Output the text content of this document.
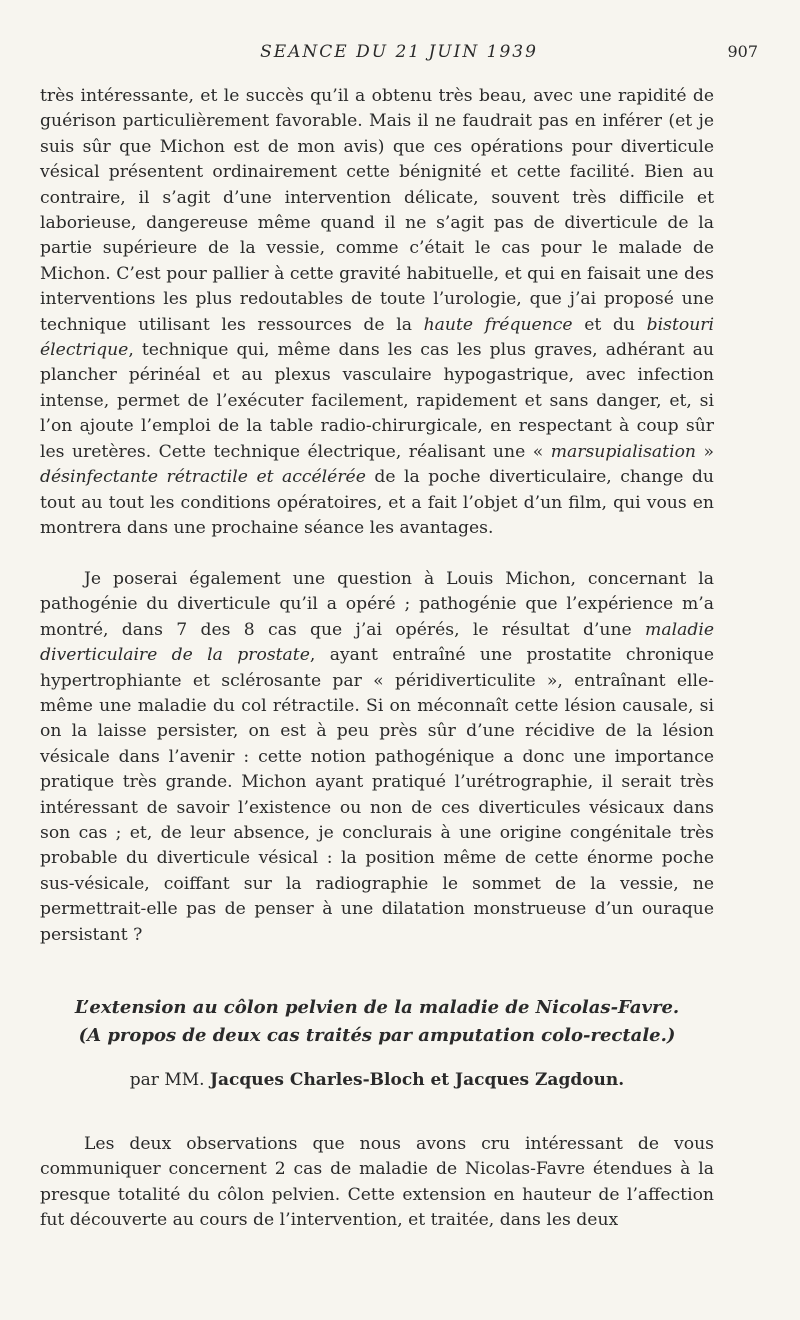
SEANCE DU 21 JUIN 1939	907

très intéressante, et le succès qu’il a obtenu très beau, avec une rapidité de guérison particulièrement favorable. Mais il ne faudrait pas en inférer (et je suis sûr que Michon est de mon avis) que ces opérations pour diverticule vésical présentent ordinairement cette bénignité et cette facilité. Bien au contraire, il s’agit d’une intervention délicate, souvent très difficile et laborieuse, dangereuse même quand il ne s’agit pas de diverticule de la partie supérieure de la vessie, comme c’était le cas pour le malade de Michon. C’est pour pallier à cette gravité habituelle, et qui en faisait une des interventions les plus redoutables de toute l’urologie, que j’ai proposé une technique utilisant les ressources de la haute fréquence et du bistouri électrique, technique qui, même dans les cas les plus graves, adhérant au plancher périnéal et au plexus vasculaire hypogastrique, avec infection intense, permet de l’exécuter facilement, rapidement et sans danger, et, si l’on ajoute l’emploi de la table radio-chirurgicale, en respectant à coup sûr les uretères. Cette technique électrique, réalisant une « marsupialisation » désinfectante rétractile et accélérée de la poche diverticulaire, change du tout au tout les conditions opératoires, et a fait l’objet d’un film, qui vous en montrera dans une prochaine séance les avantages.

Je poserai également une question à Louis Michon, concernant la pathogénie du diverticule qu’il a opéré ; pathogénie que l’expérience m’a montré, dans 7 des 8 cas que j’ai opérés, le résultat d’une maladie diverticulaire de la prostate, ayant entraîné une prostatite chronique hypertrophiante et sclérosante par « péridiverticulite », entraînant elle-même une maladie du col rétractile. Si on méconnaît cette lésion causale, si on la laisse persister, on est à peu près sûr d’une récidive de la lésion vésicale dans l’avenir : cette notion pathogénique a donc une importance pratique très grande. Michon ayant pratiqué l’urétrographie, il serait très intéressant de savoir l’existence ou non de ces diverticules vésicaux dans son cas ; et, de leur absence, je conclurais à une origine congénitale très probable du diverticule vésical : la position même de cette énorme poche sus-vésicale, coiffant sur la radiographie le sommet de la vessie, ne permettrait-elle pas de penser à une dilatation monstrueuse d’un ouraque persistant ?

L’extension au côlon pelvien de la maladie de Nicolas-Favre.
(A propos de deux cas traités par amputation colo-rectale.)
par MM. Jacques Charles-Bloch et Jacques Zagdoun.

Les deux observations que nous avons cru intéressant de vous communiquer concernent 2 cas de maladie de Nicolas-Favre étendues à la presque totalité du côlon pelvien. Cette extension en hauteur de l’affection fut découverte au cours de l’intervention, et traitée, dans les deux
